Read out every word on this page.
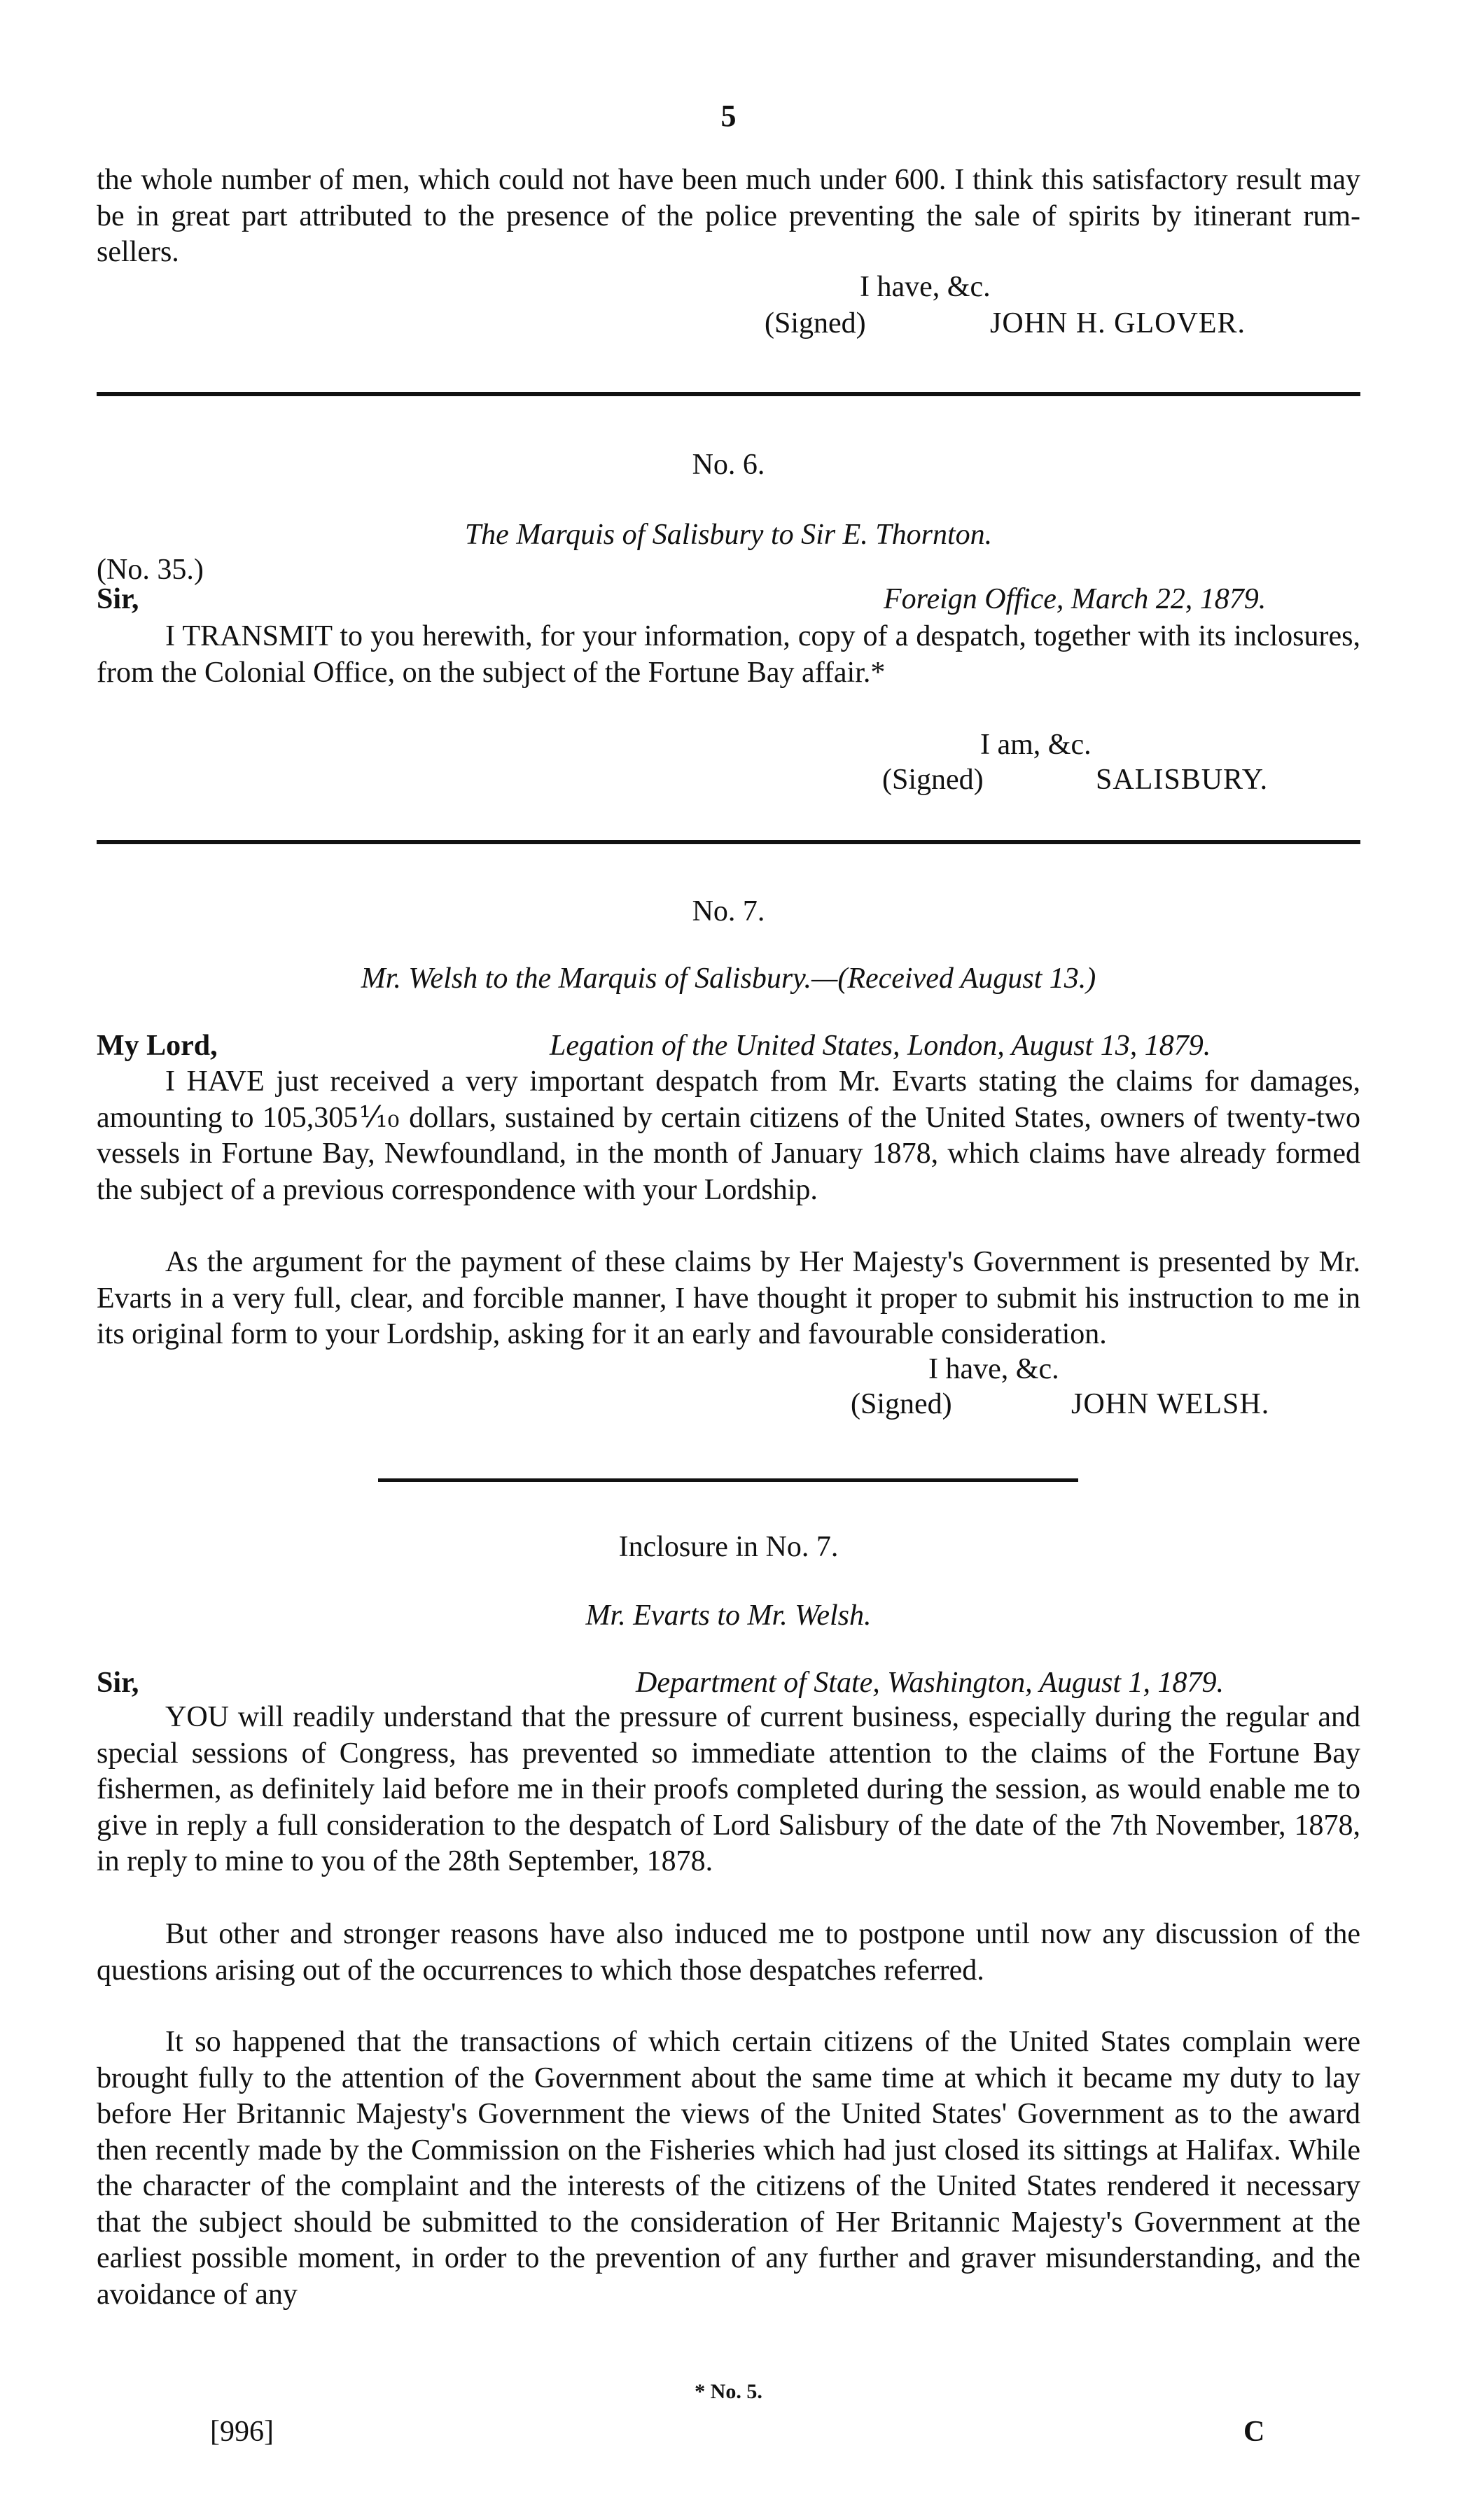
5
the whole number of men, which could not have been much under 600. I think this satisfactory result may be in great part attributed to the presence of the police preventing the sale of spirits by itinerant rum-sellers.
I have, &c.
(Signed)	JOHN H. GLOVER.
No. 6.
The Marquis of Salisbury to Sir E. Thornton.
(No. 35.)
Sir,	Foreign Office, March 22, 1879.
I TRANSMIT to you herewith, for your information, copy of a despatch, together with its inclosures, from the Colonial Office, on the subject of the Fortune Bay affair.*
I am, &c.
(Signed)	SALISBURY.
No. 7.
Mr. Welsh to the Marquis of Salisbury.—(Received August 13.)
My Lord,	Legation of the United States, London, August 13, 1879.
I HAVE just received a very important despatch from Mr. Evarts stating the claims for damages, amounting to 105,305⅒ dollars, sustained by certain citizens of the United States, owners of twenty-two vessels in Fortune Bay, Newfoundland, in the month of January 1878, which claims have already formed the subject of a previous correspondence with your Lordship.
As the argument for the payment of these claims by Her Majesty's Government is presented by Mr. Evarts in a very full, clear, and forcible manner, I have thought it proper to submit his instruction to me in its original form to your Lordship, asking for it an early and favourable consideration.
I have, &c.
(Signed)	JOHN WELSH.
Inclosure in No. 7.
Mr. Evarts to Mr. Welsh.
Sir,	Department of State, Washington, August 1, 1879.
YOU will readily understand that the pressure of current business, especially during the regular and special sessions of Congress, has prevented so immediate attention to the claims of the Fortune Bay fishermen, as definitely laid before me in their proofs completed during the session, as would enable me to give in reply a full consideration to the despatch of Lord Salisbury of the date of the 7th November, 1878, in reply to mine to you of the 28th September, 1878.
But other and stronger reasons have also induced me to postpone until now any discussion of the questions arising out of the occurrences to which those despatches referred.
It so happened that the transactions of which certain citizens of the United States complain were brought fully to the attention of the Government about the same time at which it became my duty to lay before Her Britannic Majesty's Government the views of the United States' Government as to the award then recently made by the Commission on the Fisheries which had just closed its sittings at Halifax. While the character of the complaint and the interests of the citizens of the United States rendered it necessary that the subject should be submitted to the consideration of Her Britannic Majesty's Government at the earliest possible moment, in order to the prevention of any further and graver misunderstanding, and the avoidance of any
* No. 5.
[996]	C
